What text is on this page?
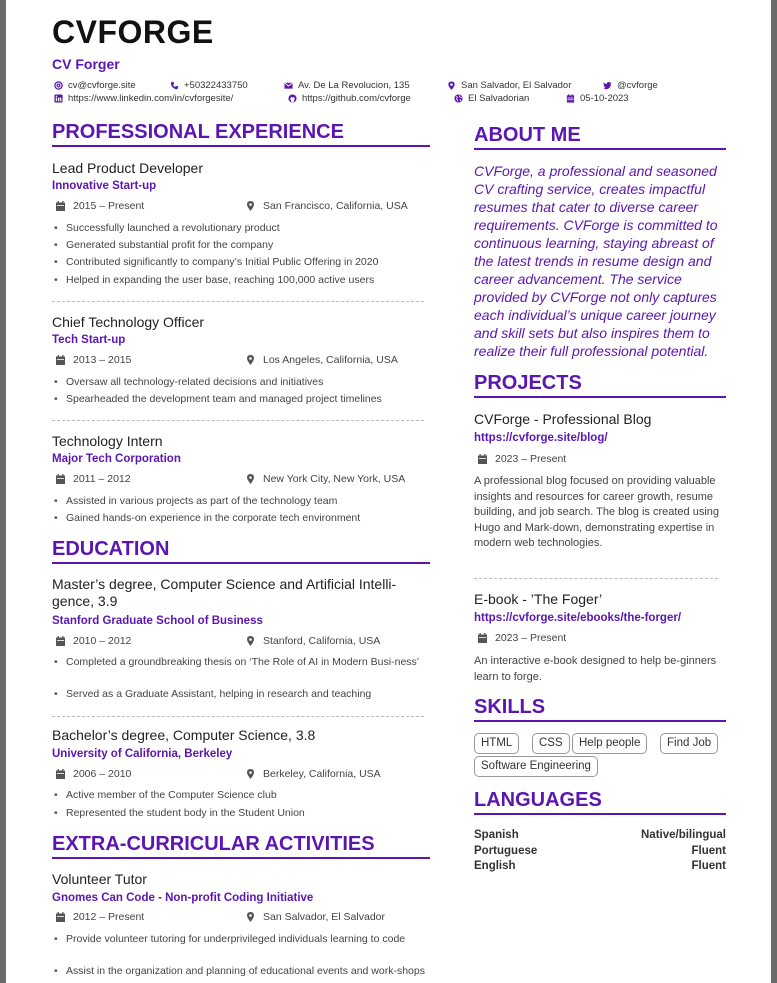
CVFORGE
CV Forger
cv@cvforge.site	+50322433750	Av. De La Revolucion, 135	San Salvador, El Salvador	@cvforge
https://www.linkedin.com/in/cvforgesite/	https://github.com/cvforge	El Salvadorian	05-10-2023
PROFESSIONAL EXPERIENCE
Lead Product Developer
Innovative Start-up
2015 – Present	San Francisco, California, USA
• Successfully launched a revolutionary product
• Generated substantial profit for the company
• Contributed significantly to company’s Initial Public Offering in 2020
• Helped in expanding the user base, reaching 100,000 active users
Chief Technology Officer
Tech Start-up
2013 – 2015	Los Angeles, California, USA
• Oversaw all technology-related decisions and initiatives
• Spearheaded the development team and managed project timelines
Technology Intern
Major Tech Corporation
2011 – 2012	New York City, New York, USA
• Assisted in various projects as part of the technology team
• Gained hands-on experience in the corporate tech environment
EDUCATION
Master’s degree, Computer Science and Artificial Intelli-gence, 3.9
Stanford Graduate School of Business
2010 – 2012	Stanford, California, USA
• Completed a groundbreaking thesis on ‘The Role of AI in Modern Busi-ness’
• Served as a Graduate Assistant, helping in research and teaching
Bachelor’s degree, Computer Science, 3.8
University of California, Berkeley
2006 – 2010	Berkeley, California, USA
• Active member of the Computer Science club
• Represented the student body in the Student Union
EXTRA-CURRICULAR ACTIVITIES
Volunteer Tutor
Gnomes Can Code - Non-profit Coding Initiative
2012 – Present	San Salvador, El Salvador
• Provide volunteer tutoring for underprivileged individuals learning to code
• Assist in the organization and planning of educational events and work-shops
ABOUT ME
CVForge, a professional and seasoned CV crafting service, creates impactful resumes that cater to diverse career requirements. CVForge is committed to continuous learning, staying abreast of the latest trends in resume design and career advancement. The service provided by CVForge not only captures each individual’s unique career journey and skill sets but also inspires them to realize their full professional potential.
PROJECTS
CVForge - Professional Blog
https://cvforge.site/blog/
2023 – Present
A professional blog focused on providing valuable insights and resources for career growth, resume building, and job search. The blog is created using Hugo and Mark-down, demonstrating expertise in modern web technologies.
E-book - ’The Foger’
https://cvforge.site/ebooks/the-forger/
2023 – Present
An interactive e-book designed to help be-ginners learn to forge.
SKILLS
HTML	CSS	Help people	Find Job
Software Engineering
LANGUAGES
Spanish	Native/bilingual
Portuguese	Fluent
English	Fluent
